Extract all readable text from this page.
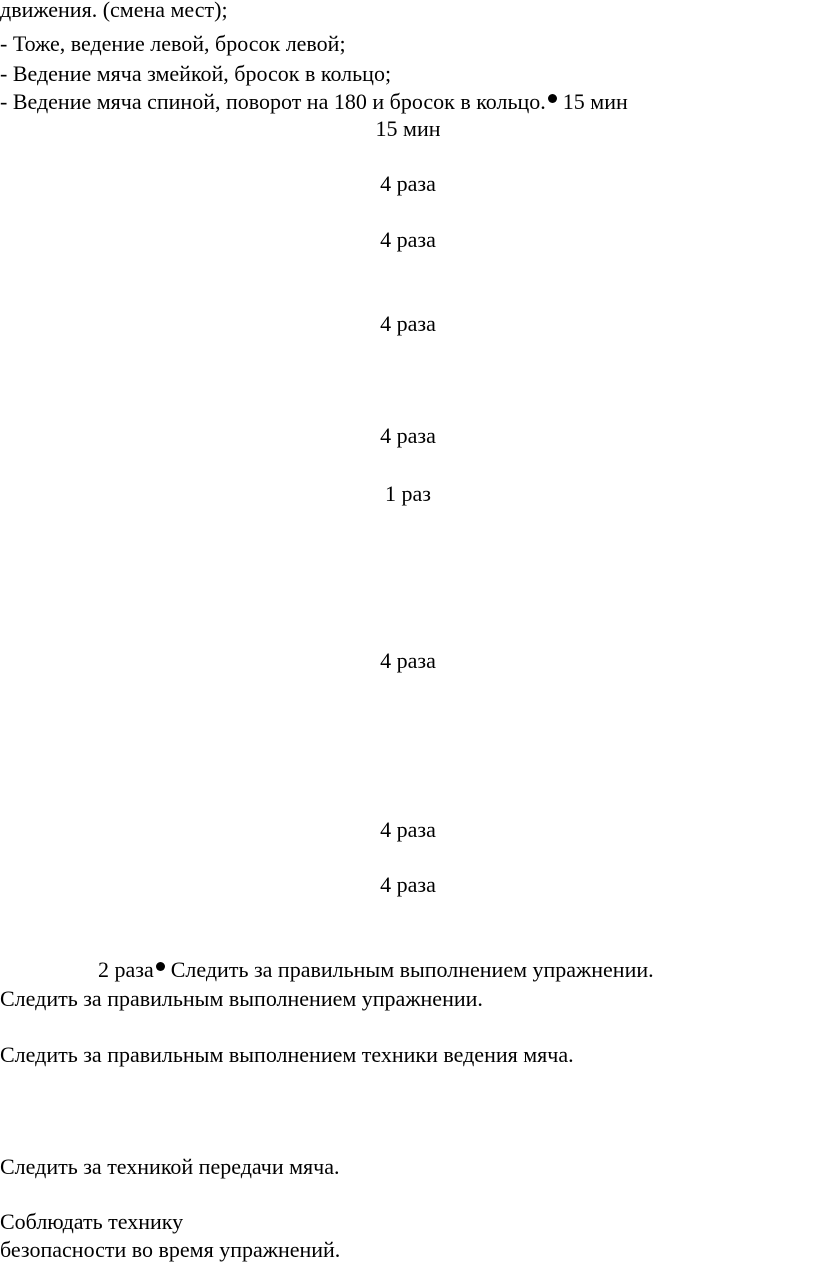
движения. (смена мест);
- Тоже, ведение левой, бросок левой;
- Ведение мяча змейкой, бросок в кольцо;
- Ведение мяча спиной, поворот на 180 и бросок в кольцо. 15 мин
15 мин
4 раза
4 раза
4 раза
4 раза
1 раз
4 раза
4 раза
4 раза
2 раза Следить за правильным выполнением упражнении.
Следить за правильным выполнением упражнении.
Следить за правильным выполнением техники ведения мяча.
Следить за техникой передачи мяча.
Соблюдать технику
безопасности во время упражнений.
